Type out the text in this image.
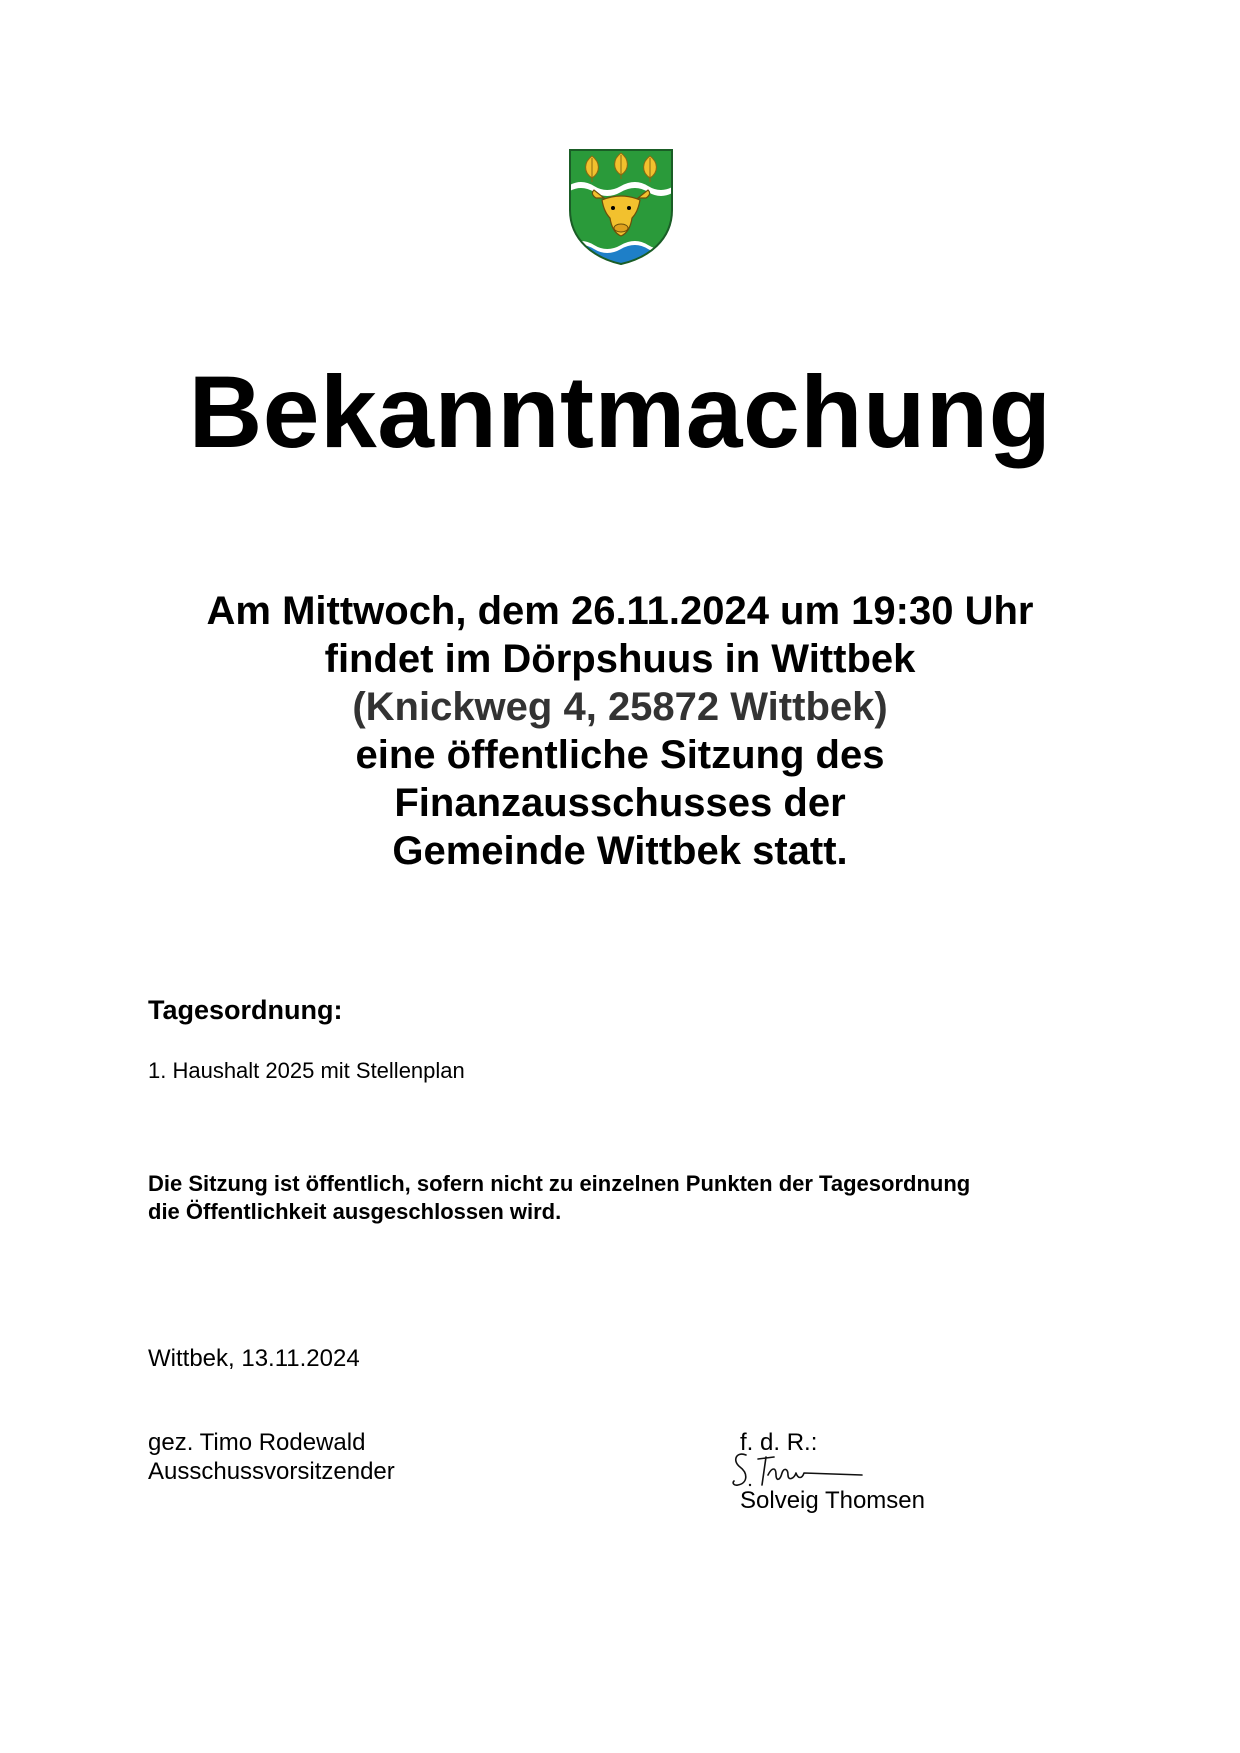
Bekanntmachung
Am Mittwoch, dem 26.11.2024 um 19:30 Uhr
findet im Dörpshuus in Wittbek
(Knickweg 4, 25872 Wittbek)
eine öffentliche Sitzung des
Finanzausschusses der
Gemeinde Wittbek statt.
Tagesordnung:
1. Haushalt 2025 mit Stellenplan
Die Sitzung ist öffentlich, sofern nicht zu einzelnen Punkten der Tagesordnung
die Öffentlichkeit ausgeschlossen wird.
Wittbek, 13.11.2024
gez. Timo Rodewald
Ausschussvorsitzender
f. d. R.:
Solveig Thomsen
